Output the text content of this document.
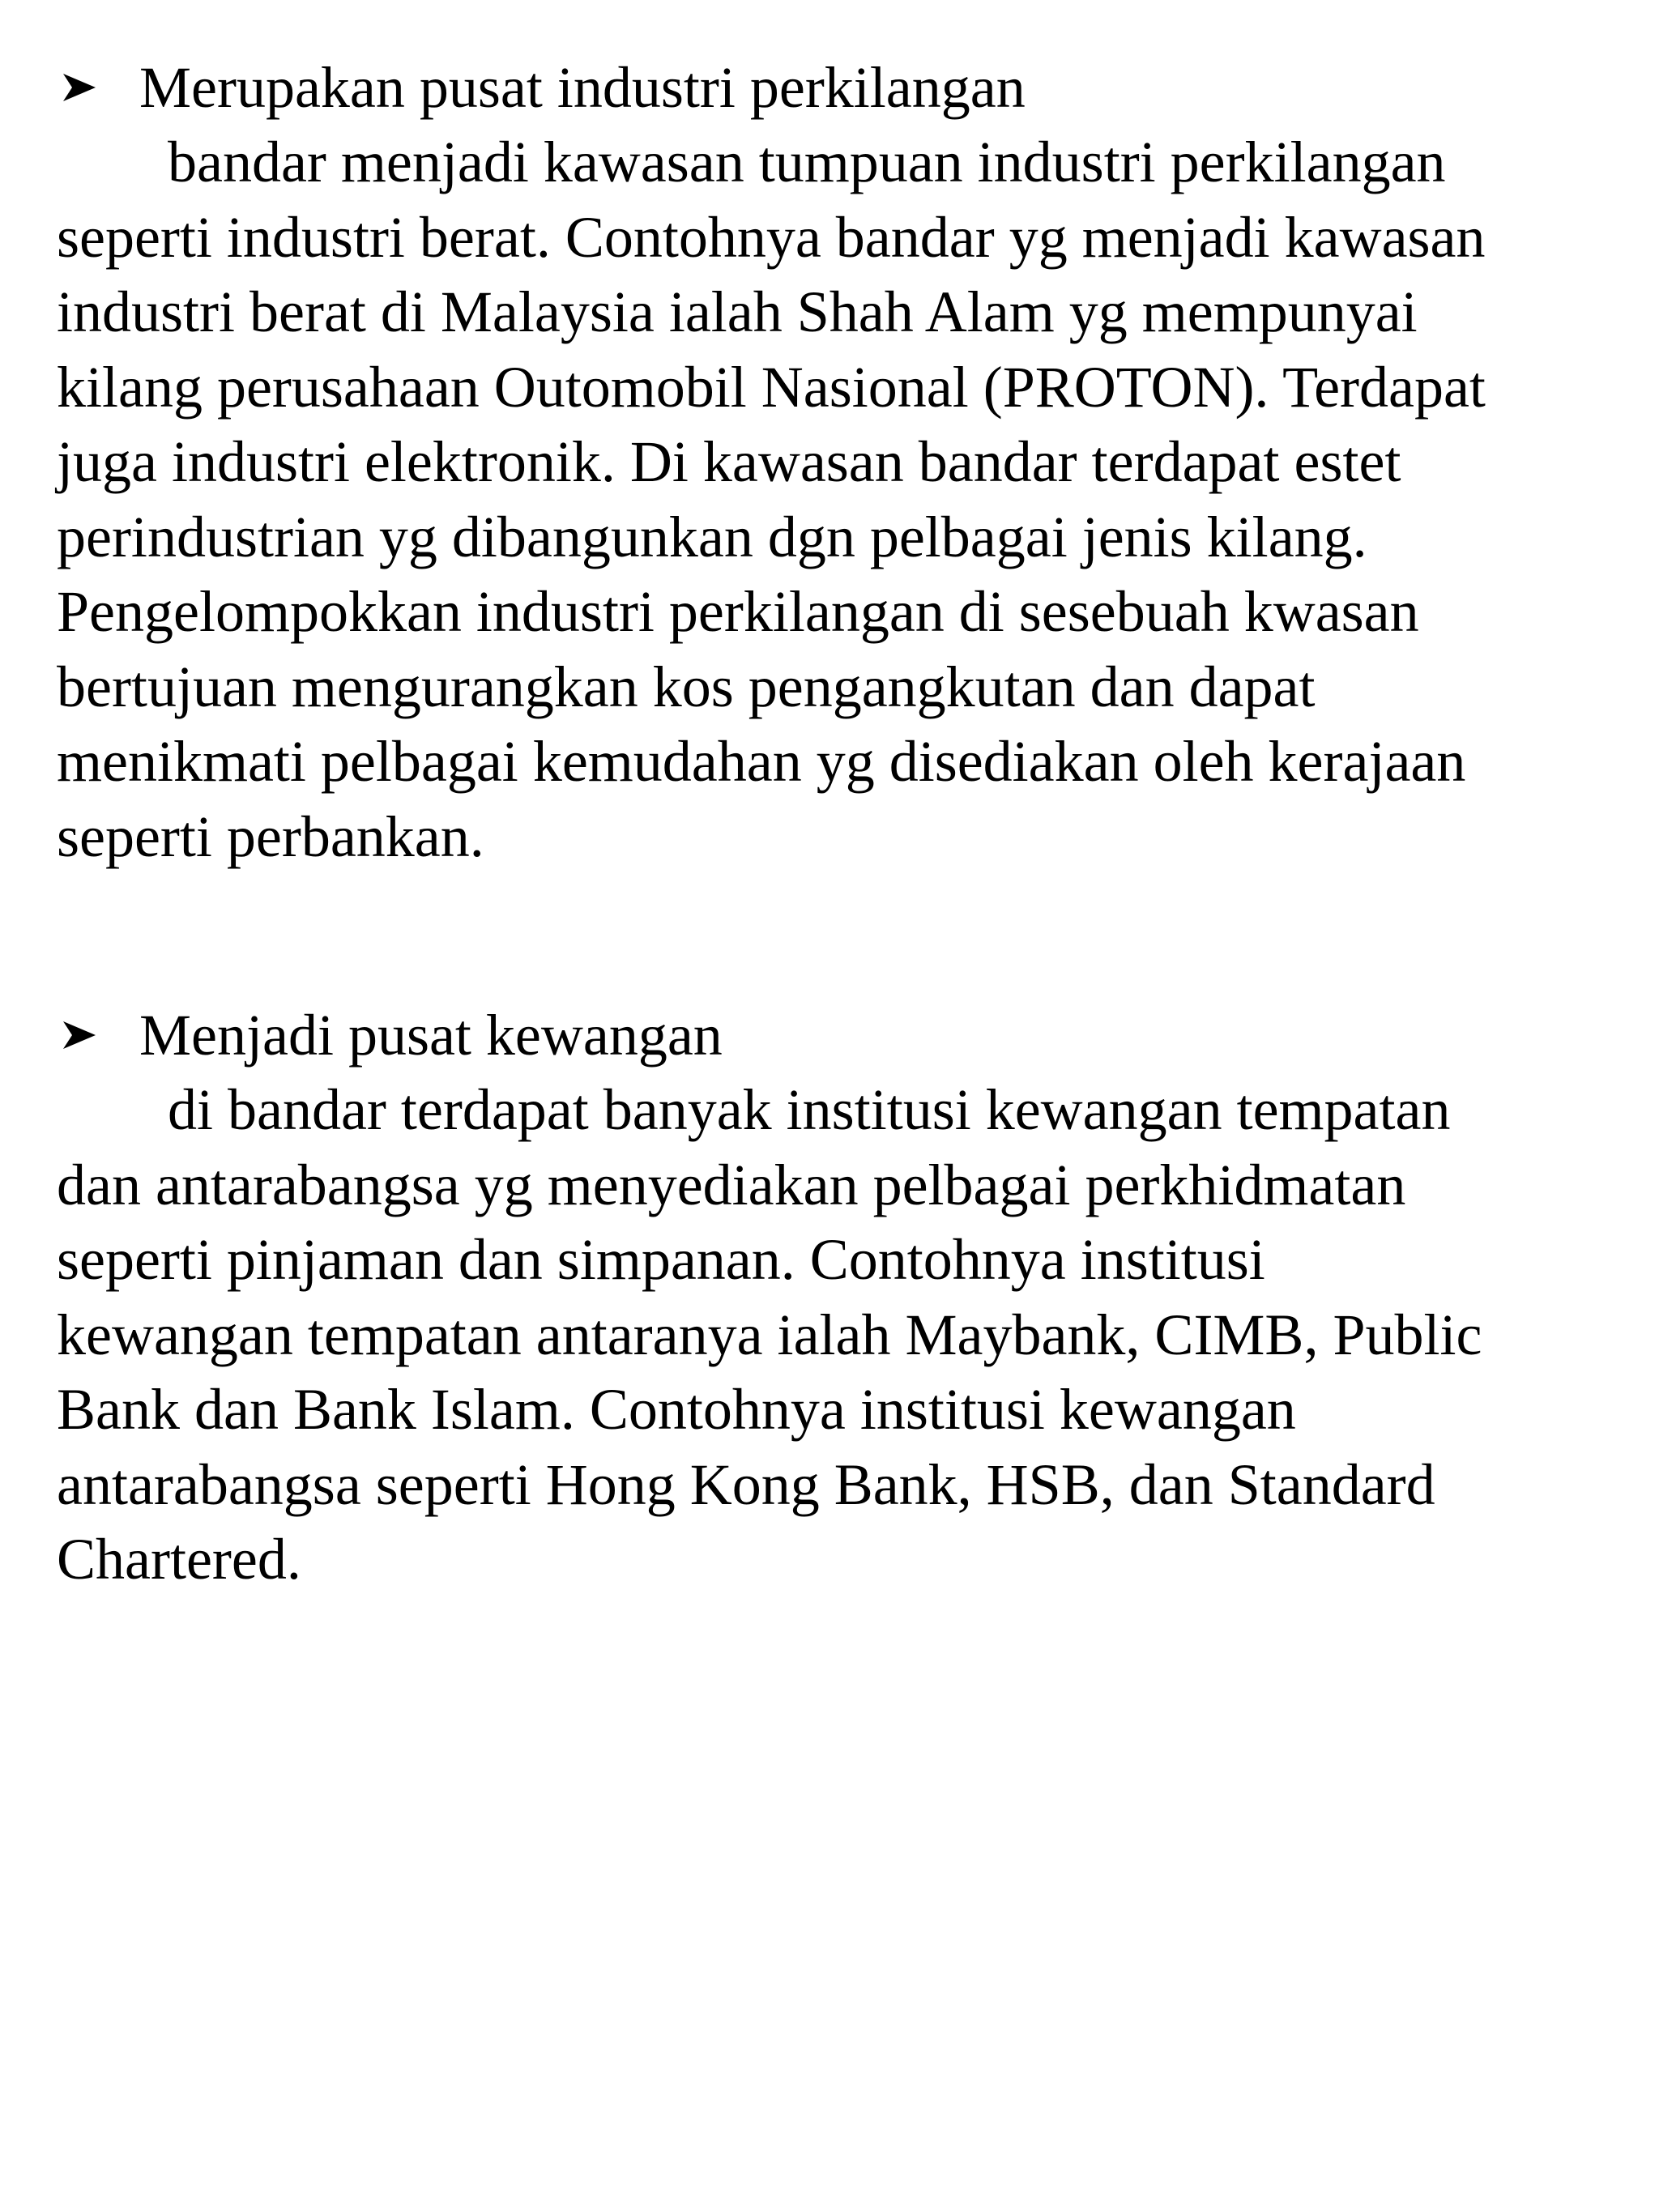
Merupakan pusat industri perkilangan

bandar menjadi kawasan tumpuan industri perkilangan
seperti industri berat. Contohnya bandar yg menjadi kawasan
industri berat di Malaysia ialah Shah Alam yg mempunyai
kilang perusahaan Outomobil Nasional (PROTON). Terdapat
juga industri elektronik. Di kawasan bandar terdapat estet
perindustrian yg dibangunkan dgn pelbagai jenis kilang.
Pengelompokkan industri perkilangan di sesebuah kwasan
bertujuan mengurangkan kos pengangkutan dan dapat
menikmati pelbagai kemudahan yg disediakan oleh kerajaan
seperti perbankan.

Menjadi pusat kewangan

di bandar terdapat banyak institusi kewangan tempatan
dan antarabangsa yg menyediakan pelbagai perkhidmatan
seperti pinjaman dan simpanan. Contohnya institusi
kewangan tempatan antaranya ialah Maybank, CIMB, Public
Bank dan Bank Islam. Contohnya institusi kewangan
antarabangsa seperti Hong Kong Bank, HSB, dan Standard
Chartered.
